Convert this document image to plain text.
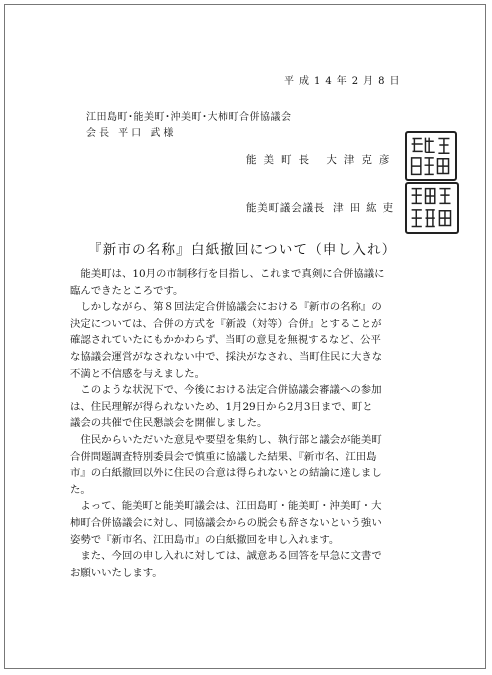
平成14年2月8日
江田島町･能美町･沖美町･大柿町合併協議会
会長 平口 武様
能美町長 大津克彦
能美町議会議長 津田紘吏
『新市の名称』白紙撤回について（申し入れ）
　能美町は、10月の市制移行を目指し、これまで真剣に合併協議に
臨んできたところです。
　しかしながら、第８回法定合併協議会における『新市の名称』の
決定については、合併の方式を『新設（対等）合併』とすることが
確認されていたにもかかわらず、当町の意見を無視するなど、公平
な協議会運営がなされない中で、採決がなされ、当町住民に大きな
不満と不信感を与えました。
　このような状況下で、今後における法定合併協議会審議への参加
は、住民理解が得られないため、1月29日から2月3日まで、町と
議会の共催で住民懇談会を開催しました。
　住民からいただいた意見や要望を集約し、執行部と議会が能美町
合併問題調査特別委員会で慎重に協議した結果、『新市名、江田島
市』の白紙撤回以外に住民の合意は得られないとの結論に達しまし
た。
　よって、能美町と能美町議会は、江田島町・能美町・沖美町・大
柿町合併協議会に対し、同協議会からの脱会も辞さないという強い
姿勢で『新市名、江田島市』の白紙撤回を申し入れます。
　また、今回の申し入れに対しては、誠意ある回答を早急に文書で
お願いいたします。
